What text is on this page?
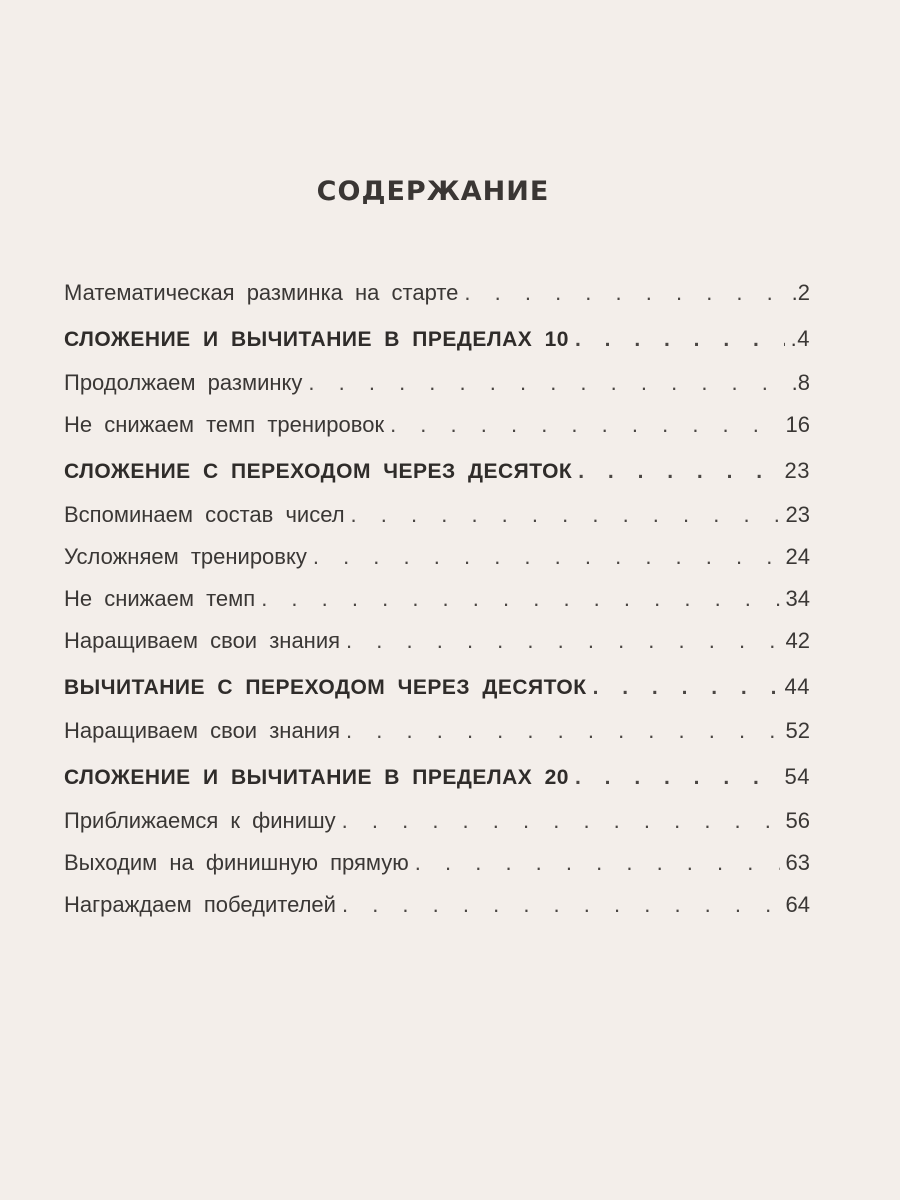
СОДЕРЖАНИЕ
Математическая разминка на старте . . .	.2
СЛОЖЕНИЕ И ВЫЧИТАНИЕ В ПРЕДЕЛАХ 10 . . .	.4
Продолжаем разминку . . .	.8
Не снижаем темп тренировок . . .	16
СЛОЖЕНИЕ С ПЕРЕХОДОМ ЧЕРЕЗ ДЕСЯТОК . . .	23
Вспоминаем состав чисел . . .	23
Усложняем тренировку . . .	24
Не снижаем темп . . .	34
Наращиваем свои знания . . .	42
ВЫЧИТАНИЕ С ПЕРЕХОДОМ ЧЕРЕЗ ДЕСЯТОК . . .	44
Наращиваем свои знания . . .	52
СЛОЖЕНИЕ И ВЫЧИТАНИЕ В ПРЕДЕЛАХ 20 . . .	54
Приближаемся к финишу . . .	56
Выходим на финишную прямую . . .	63
Награждаем победителей . . .	64
